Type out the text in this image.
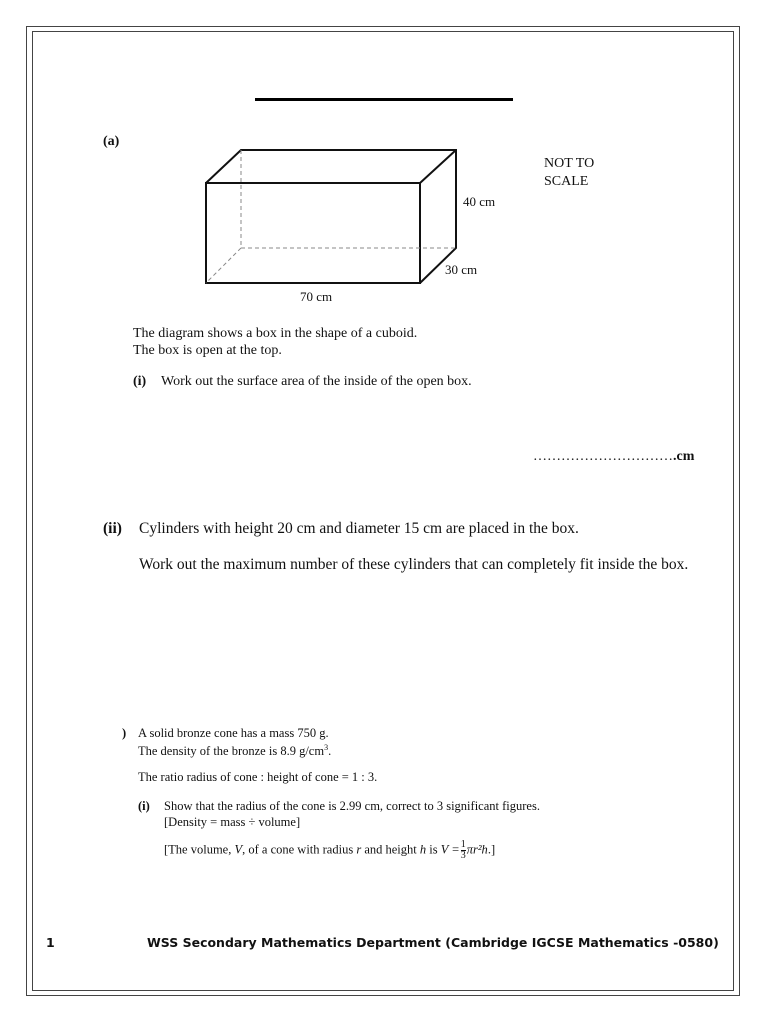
(a)
40 cm
30 cm
70 cm
NOT TO SCALE
The diagram shows a box in the shape of a cuboid.
The box is open at the top.
(i) Work out the surface area of the inside of the open box.
………………………….cm
(ii) Cylinders with height 20 cm and diameter 15 cm are placed in the box.
Work out the maximum number of these cylinders that can completely fit inside the box.
) A solid bronze cone has a mass 750 g.
The density of the bronze is 8.9 $g/cm^3$.
The ratio radius of cone : height of cone = 1 : 3.
(i) Show that the radius of the cone is 2.99 cm, correct to 3 significant figures.
[Density = mass ÷ volume]
[The volume, V, of a cone with radius r and height h is $V = \frac{1}{3} \pi r^2h$.]
1	WSS Secondary Mathematics Department (Cambridge IGCSE Mathematics -0580)
